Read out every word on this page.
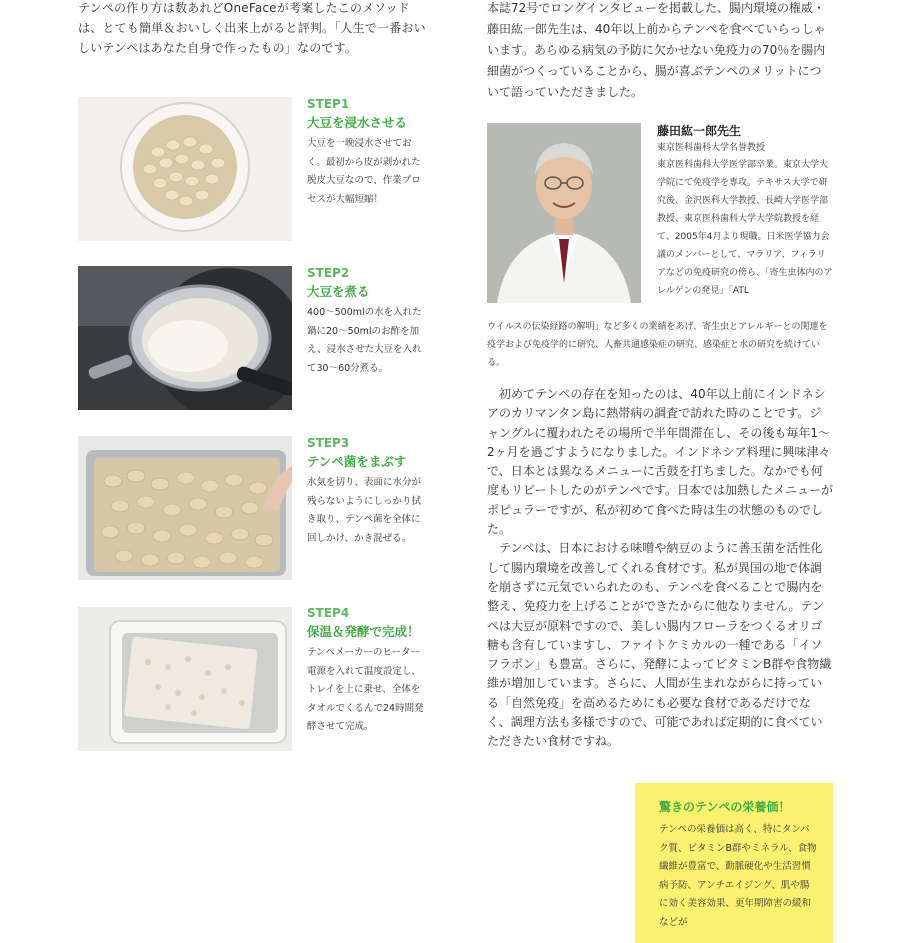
テンペの作り方は数あれどOneFaceが考案したこのメソッドは、とても簡単＆おいしく出来上がると評判。「人生で一番おいしいテンペはあなた自身で作ったもの」なのです。

STEP1
大豆を浸水させる
大豆を一晩浸水させておく。最初から皮が剥かれた脱皮大豆なので、作業プロセスが大幅短縮！
STEP2
大豆を煮る
400〜500mlの水を入れた鍋に20〜50mlのお酢を加え、浸水させた大豆を入れて30〜60分煮る。
STEP3
テンペ菌をまぶす
水気を切り、表面に水分が残らないようにしっかり拭き取り、テンペ菌を全体に回しかけ、かき混ぜる。
STEP4
保温＆発酵で完成！
テンペメーカーのヒーター電源を入れて温度設定し、トレイを上に乗せ、全体をタオルでくるんで24時間発酵させて完成。

本誌72号でロングインタビューを掲載した、腸内環境の権威・藤田紘一郎先生は、40年以上前からテンペを食べていらっしゃいます。あらゆる病気の予防に欠かせない免疫力の70％を腸内細菌がつくっていることから、腸が喜ぶテンペのメリットについて語っていただきました。

藤田紘一郎先生
東京医科歯科大学名誉教授
東京医科歯科大学医学部卒業。東京大学大学院にて免疫学を専攻。テキサス大学で研究後、金沢医科大学教授、長崎大学医学部教授、東京医科歯科大学大学院教授を経て、2005年4月より現職。日米医学協力会議のメンバーとして、マラリア、フィラリアなどの免疫研究の傍ら、「寄生虫体内のアレルゲンの発見」「ATL
ウイルスの伝染経路の解明」など多くの業績をあげ、寄生虫とアレルギーとの関連を疫学および免疫学的に研究、人畜共通感染症の研究、感染症と水の研究を続けている。

初めてテンペの存在を知ったのは、40年以上前にインドネシアのカリマンタン島に熱帯病の調査で訪れた時のことです。ジャングルに覆われたその場所で半年間滞在し、その後も毎年1〜2ヶ月を過ごすようになりました。インドネシア料理に興味津々で、日本とは異なるメニューに舌鼓を打ちました。なかでも何度もリピートしたのがテンペです。日本では加熱したメニューがポピュラーですが、私が初めて食べた時は生の状態のものでした。

テンペは、日本における味噌や納豆のように善玉菌を活性化して腸内環境を改善してくれる食材です。私が異国の地で体調を崩さずに元気でいられたのも、テンペを食べることで腸内を整え、免疫力を上げることができたからに他なりません。テンペは大豆が原料ですので、美しい腸内フローラをつくるオリゴ糖も含有していますし、ファイトケミカルの一種である「イソフラボン」も豊富。さらに、発酵によってビタミンB群や食物繊維が増加しています。さらに、人間が生まれながらに持っている「自然免疫」を高めるためにも必要な食材であるだけでなく、調理方法も多様ですので、可能であれば定期的に食べていただきたい食材ですね。

驚きのテンペの栄養価！
テンペの栄養価は高く、特にタンパク質、ビタミンB群やミネラル、食物繊維が豊富で、動脈硬化や生活習慣病予防、アンチエイジング、肌や腸に効く美容効果、更年期障害の緩和などが
